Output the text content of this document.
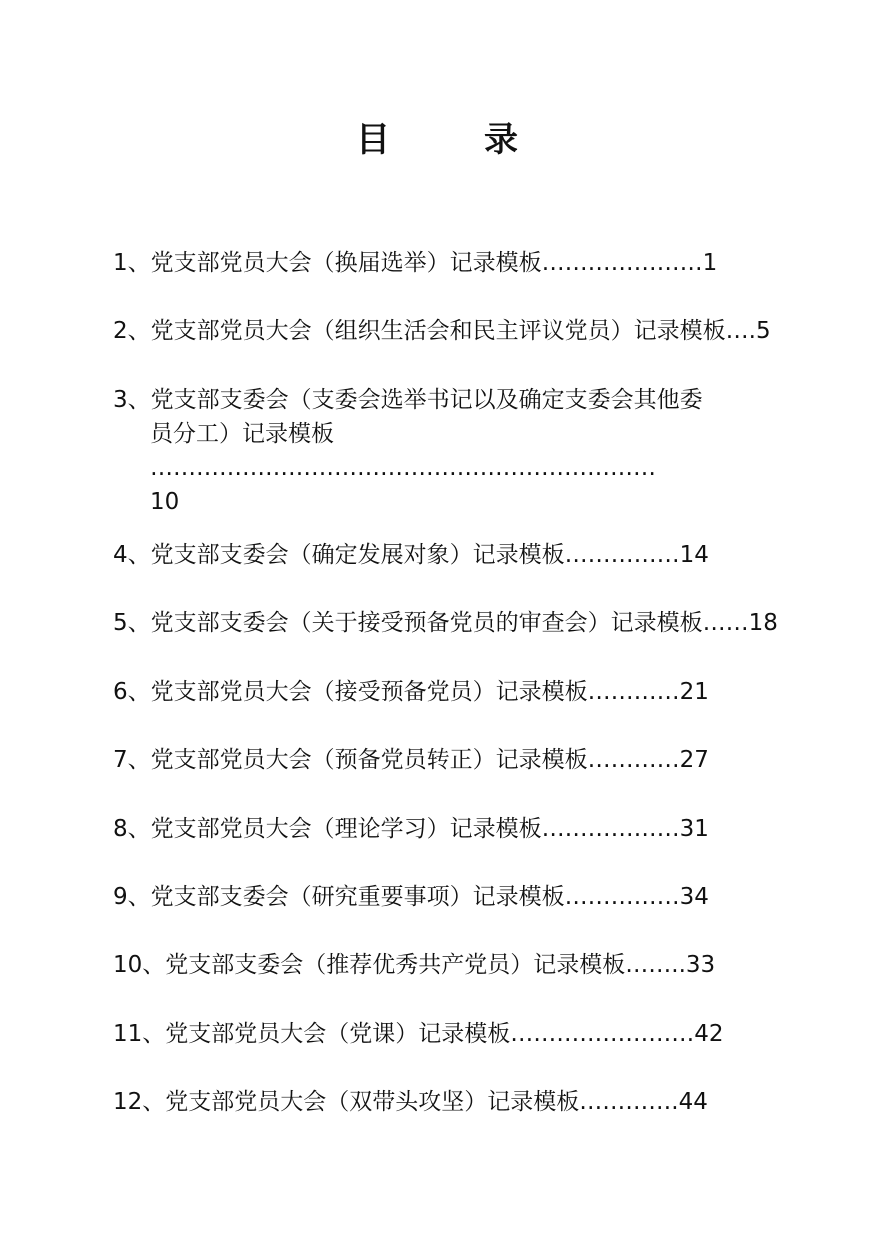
目　录
1、党支部党员大会（换届选举）记录模板…………………1
2、党支部党员大会（组织生活会和民主评议党员）记录模板….5
3、党支部支委会（支委会选举书记以及确定支委会其他委
员分工）记录模板
…………………………………………………………
10
4、党支部支委会（确定发展对象）记录模板……………14
5、党支部支委会（关于接受预备党员的审查会）记录模板……18
6、党支部党员大会（接受预备党员）记录模板…………21
7、党支部党员大会（预备党员转正）记录模板…………27
8、党支部党员大会（理论学习）记录模板………………31
9、党支部支委会（研究重要事项）记录模板……………34
10、党支部支委会（推荐优秀共产党员）记录模板……..33
11、党支部党员大会（党课）记录模板……………………42
12、党支部党员大会（双带头攻坚）记录模板………….44
